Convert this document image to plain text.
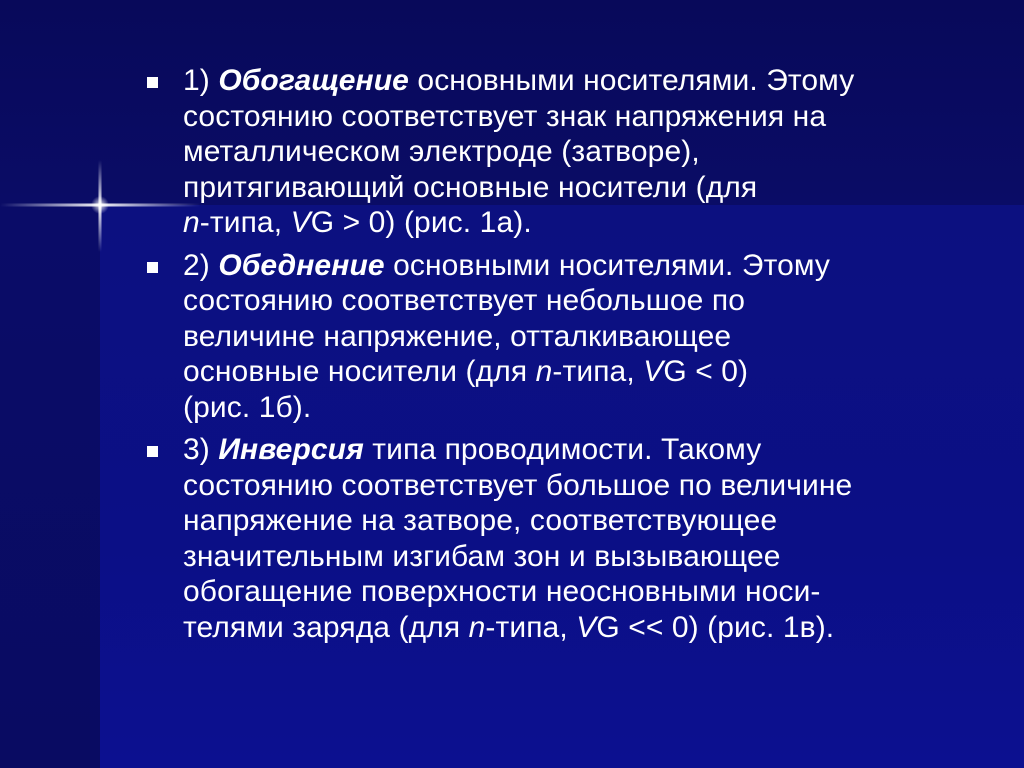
1) Обогащение основными носителями. Этому
состоянию соответствует знак напряжения на
металлическом электроде (затворе),
притягивающий основные носители (для
n-типа, VG > 0) (рис. 1а).
2) Обеднение основными носителями. Этому
состоянию соответствует небольшое по
величине напряжение, отталкивающее
основные носители (для n-типа, VG < 0)
(рис. 1б).
3) Инверсия типа проводимости. Такому
состоянию соответствует большое по величине
напряжение на затворе, соответствующее
значительным изгибам зон и вызывающее
обогащение поверхности неосновными носи-
телями заряда (для n-типа, VG << 0) (рис. 1в).
